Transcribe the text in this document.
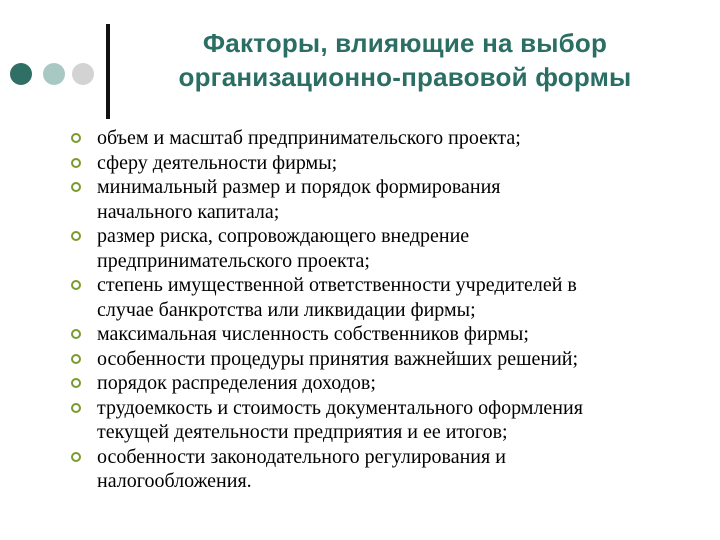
Факторы, влияющие на выбор
организационно-правовой формы
объем и масштаб предпринимательского проекта;
сферу деятельности фирмы;
минимальный размер и порядок формирования
начального капитала;
размер риска, сопровождающего внедрение
предпринимательского проекта;
степень имущественной ответственности учредителей в
случае банкротства или ликвидации фирмы;
максимальная численность собственников фирмы;
особенности процедуры принятия важнейших решений;
порядок распределения доходов;
трудоемкость и стоимость документального оформления
текущей деятельности предприятия и ее итогов;
особенности законодательного регулирования и
налогообложения.
